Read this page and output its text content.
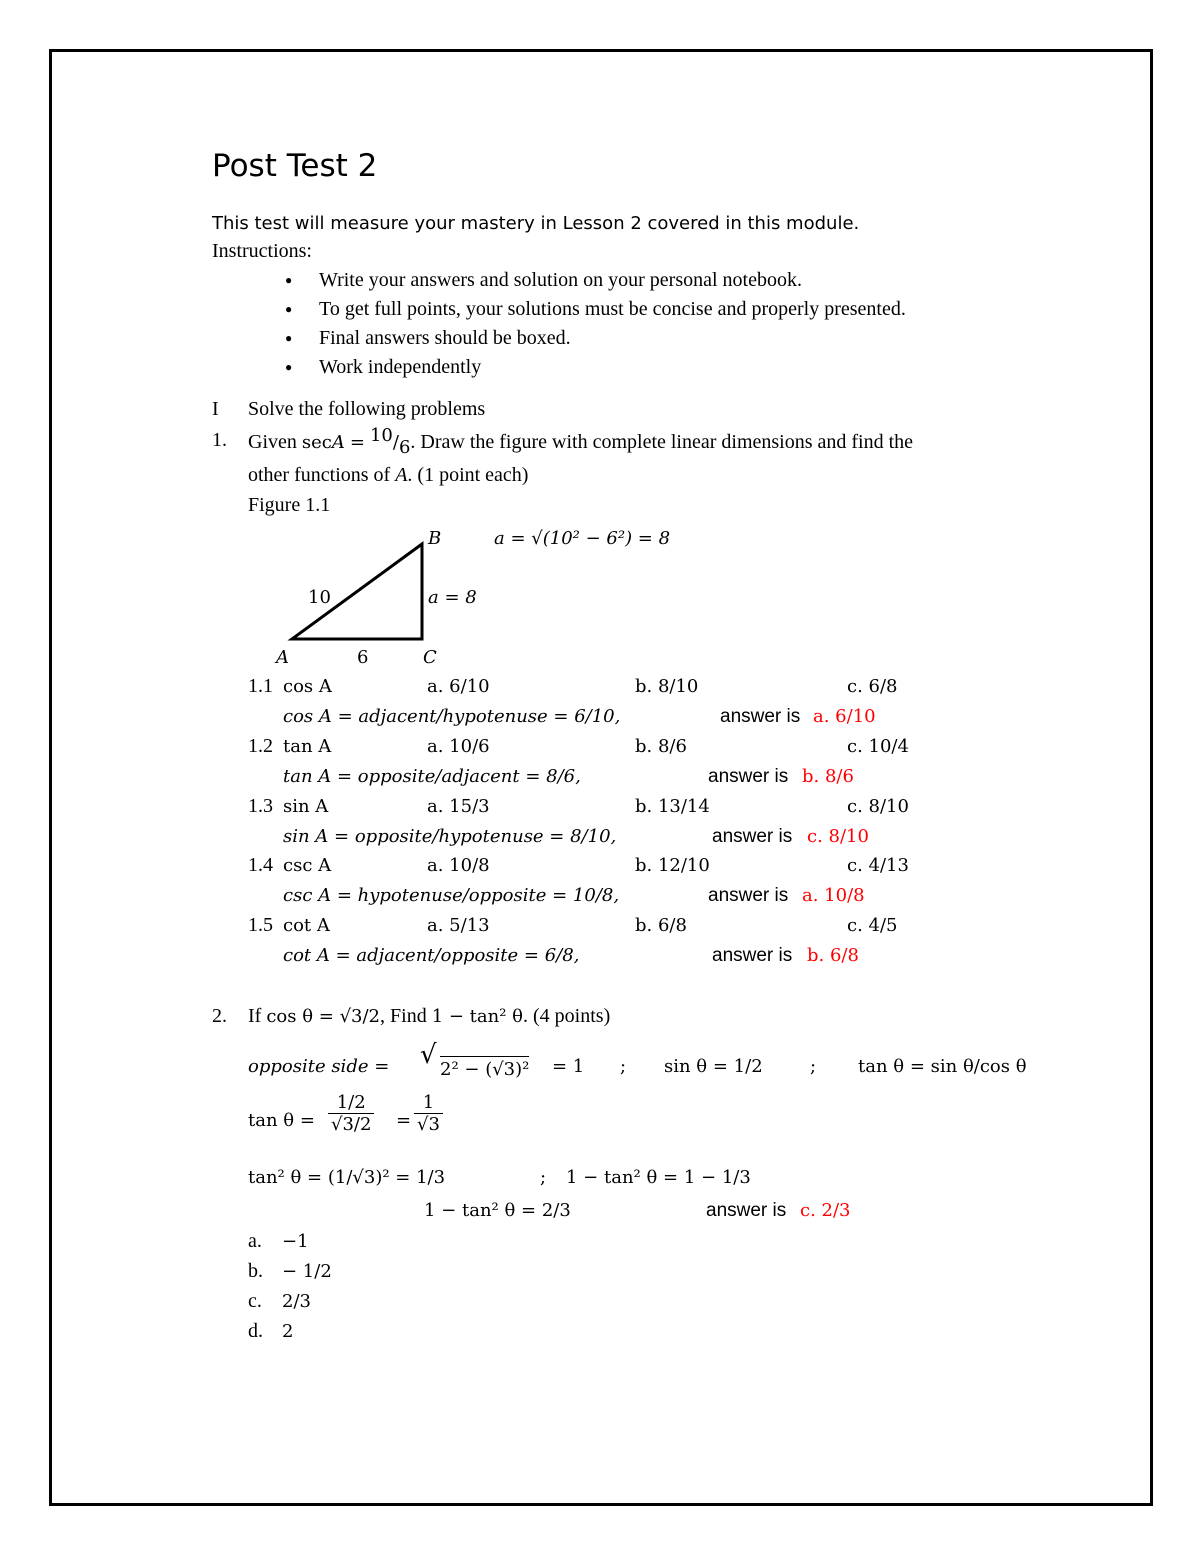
Post Test 2
This test will measure your mastery in Lesson 2 covered in this module.
Instructions:
● Write your answers and solution on your personal notebook.
● To get full points, your solutions must be concise and properly presented.
● Final answers should be boxed.
● Work independently
I Solve the following problems
1. Given secA = 10/6. Draw the figure with complete linear dimensions and find the
other functions of A. (1 point each)
Figure 1.1
B
A	C
10
6
a = 8
a = √(10² − 6²) = 8
1.1 cos A	a. 6/10	b. 8/10	c. 6/8
cos A = adjacent/hypotenuse = 6/10,	answer is a. 6/10
1.2 tan A	a. 10/6	b. 8/6	c. 10/4
tan A = opposite/adjacent = 8/6,	answer is b. 8/6
1.3 sin A	a. 15/3	b. 13/14	c. 8/10
sin A = opposite/hypotenuse = 8/10,	answer is c. 8/10
1.4 csc A	a. 10/8	b. 12/10	c. 4/13
csc A = hypotenuse/opposite = 10/8,	answer is a. 10/8
1.5 cot A	a. 5/13	b. 6/8	c. 4/5
cot A = adjacent/opposite = 6/8,	answer is b. 6/8
2. If cos θ = √3/2, Find 1 − tan² θ. (4 points)
opposite side = √ 2² − (√3)² = 1 ; sin θ = 1/2	; tan θ = sin θ/cos θ
$\tan \theta = \frac{1/2}{√3/2} = \frac{1}{√3}$
tan² θ = (1/√3)² = 1/3	; 1 − tan² θ = 1 − 1/3
1 − tan² θ = 2/3	answer is c. 2/3
a. −1
b. − 1/2
c. 2/3
d. 2
